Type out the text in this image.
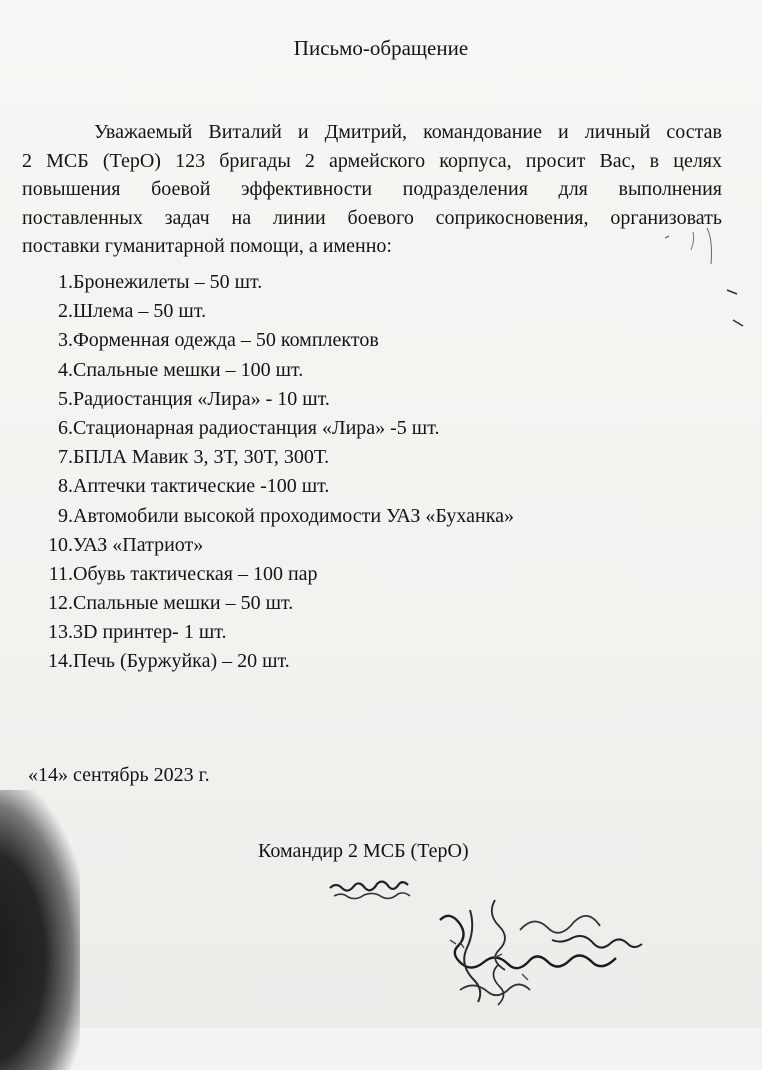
Письмо-обращение

Уважаемый Виталий и Дмитрий, командование и личный состав
2 МСБ (ТерО) 123 бригады 2 армейского корпуса, просит Вас, в целях
повышения боевой эффективности подразделения для выполнения
поставленных задач на линии боевого соприкосновения, организовать
поставки гуманитарной помощи, а именно:

1. Бронежилеты – 50 шт.
2. Шлема – 50 шт.
3. Форменная одежда – 50 комплектов
4. Спальные мешки – 100 шт.
5. Радиостанция «Лира» - 10 шт.
6. Стационарная радиостанция «Лира» -5 шт.
7. БПЛА Мавик 3, 3Т, 30Т, 300Т.
8. Аптечки тактические -100 шт.
9. Автомобили высокой проходимости УАЗ «Буханка»
10. УАЗ «Патриот»
11. Обувь тактическая – 100 пар
12. Спальные мешки – 50 шт.
13. 3D принтер- 1 шт.
14. Печь (Буржуйка) – 20 шт.
«14» сентябрь 2023 г.
Командир 2 МСБ (ТерО)
